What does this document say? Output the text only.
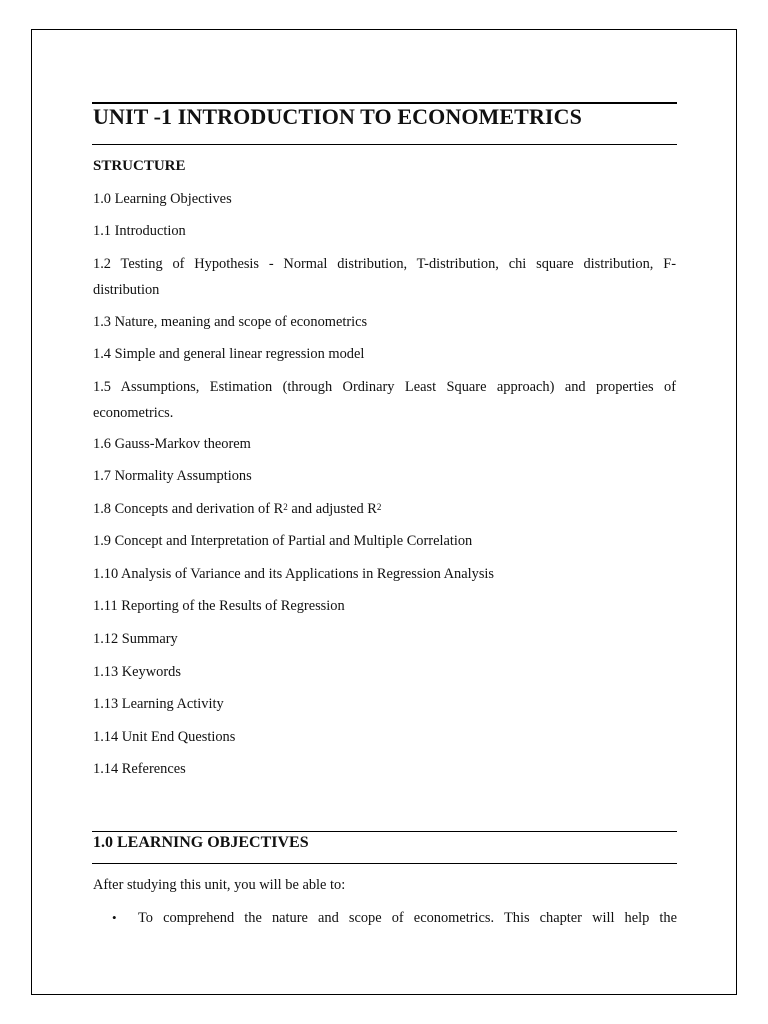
UNIT -1 INTRODUCTION TO ECONOMETRICS
STRUCTURE
1.0 Learning Objectives
1.1 Introduction
1.2 Testing of Hypothesis - Normal distribution, T-distribution, chi square distribution, F-
distribution
1.3 Nature, meaning and scope of econometrics
1.4 Simple and general linear regression model
1.5 Assumptions, Estimation (through Ordinary Least Square approach) and properties of
econometrics.
1.6 Gauss-Markov theorem
1.7 Normality Assumptions
1.8 Concepts and derivation of $R^2$ and adjusted $R^2$
1.9 Concept and Interpretation of Partial and Multiple Correlation
1.10 Analysis of Variance and its Applications in Regression Analysis
1.11 Reporting of the Results of Regression
1.12 Summary
1.13 Keywords
1.13 Learning Activity
1.14 Unit End Questions
1.14 References
1.0 LEARNING OBJECTIVES
After studying this unit, you will be able to:
• To comprehend the nature and scope of econometrics. This chapter will help the
